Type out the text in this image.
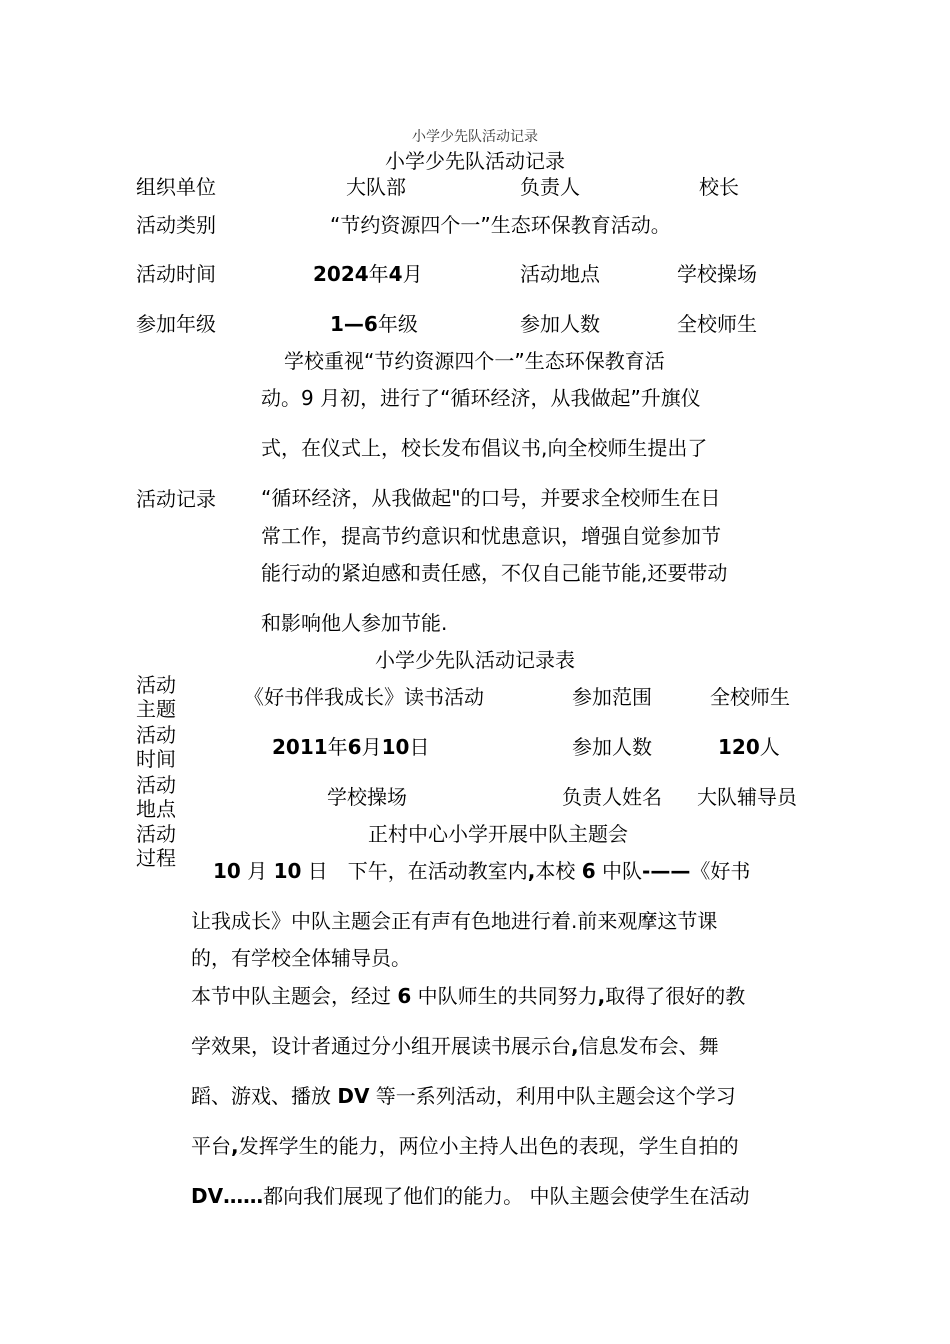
小学少先队活动记录
小学少先队活动记录
组织单位	大队部	负责人	校长
活动类别	“节约资源四个一”生态环保教育活动。
活动时间	2024年4月	活动地点	学校操场
参加年级	1—6年级	参加人数	全校师生
活动记录
学校重视“节约资源四个一”生态环保教育活
动。9 月初，进行了“循环经济，从我做起”升旗仪
式，在仪式上，校长发布倡议书,向全校师生提出了
“循环经济，从我做起"的口号，并要求全校师生在日
常工作，提高节约意识和忧患意识，增强自觉参加节
能行动的紧迫感和责任感，不仅自己能节能,还要带动
和影响他人参加节能.
小学少先队活动记录表
活动
主题	《好书伴我成长》读书活动	参加范围	全校师生
活动
时间	2011年6月10日	参加人数	120人
活动
地点	学校操场	负责人姓名 大队辅导员
活动
过程
正村中心小学开展中队主题会
10 月 10 日　下午，在活动教室内,本校 6 中队-——《好书
让我成长》中队主题会正有声有色地进行着.前来观摩这节课
的，有学校全体辅导员。
本节中队主题会，经过 6 中队师生的共同努力,取得了很好的教
学效果，设计者通过分小组开展读书展示台,信息发布会、舞
蹈、游戏、播放 DV 等一系列活动，利用中队主题会这个学习
平台,发挥学生的能力，两位小主持人出色的表现，学生自拍的
DV……都向我们展现了他们的能力。 中队主题会使学生在活动
